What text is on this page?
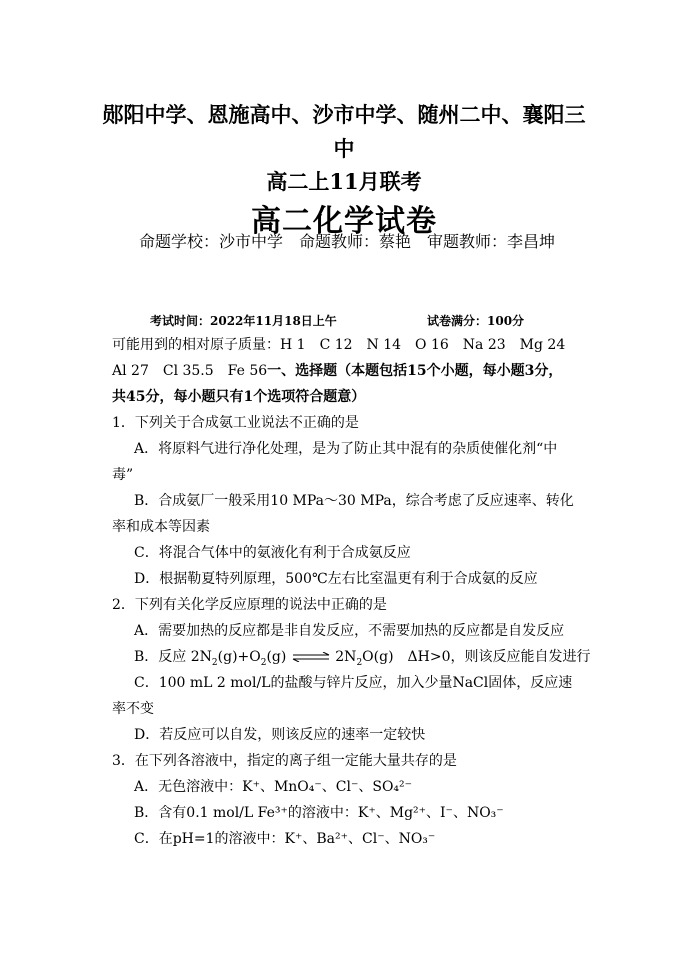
郧阳中学、恩施高中、沙市中学、随州二中、襄阳三中
高二上11月联考
高二化学试卷
命题学校：沙市中学　命题教师：蔡艳　审题教师：李昌坤
考试时间：2022年11月18日上午	试卷满分：100分
可能用到的相对原子质量：H 1　C 12　N 14　O 16　Na 23　Mg 24
Al 27　Cl 35.5　Fe 56一、选择题（本题包括15个小题，每小题3分，
共45分，每小题只有1个选项符合题意）
1．下列关于合成氨工业说法不正确的是
A．将原料气进行净化处理，是为了防止其中混有的杂质使催化剂“中
毒”
B．合成氨厂一般采用10 MPa～30 MPa，综合考虑了反应速率、转化
率和成本等因素
C．将混合气体中的氨液化有利于合成氨反应
D．根据勒夏特列原理，500℃左右比室温更有利于合成氨的反应
2．下列有关化学反应原理的说法中正确的是
A．需要加热的反应都是非自发反应，不需要加热的反应都是自发反应
B．反应 $2N_2(g)+O_2(g)$ ⇌ $2N_2O(g)$　ΔH>0，则该反应能自发进行
C．100 mL 2 mol/L的盐酸与锌片反应，加入少量NaCl固体，反应速
率不变
D．若反应可以自发，则该反应的速率一定较快
3．在下列各溶液中，指定的离子组一定能大量共存的是
A．无色溶液中：K⁺、MnO₄⁻、Cl⁻、SO₄²⁻
B．含有0.1 mol/L Fe³⁺的溶液中：K⁺、Mg²⁺、I⁻、NO₃⁻
C．在pH=1的溶液中：K⁺、Ba²⁺、Cl⁻、NO₃⁻
